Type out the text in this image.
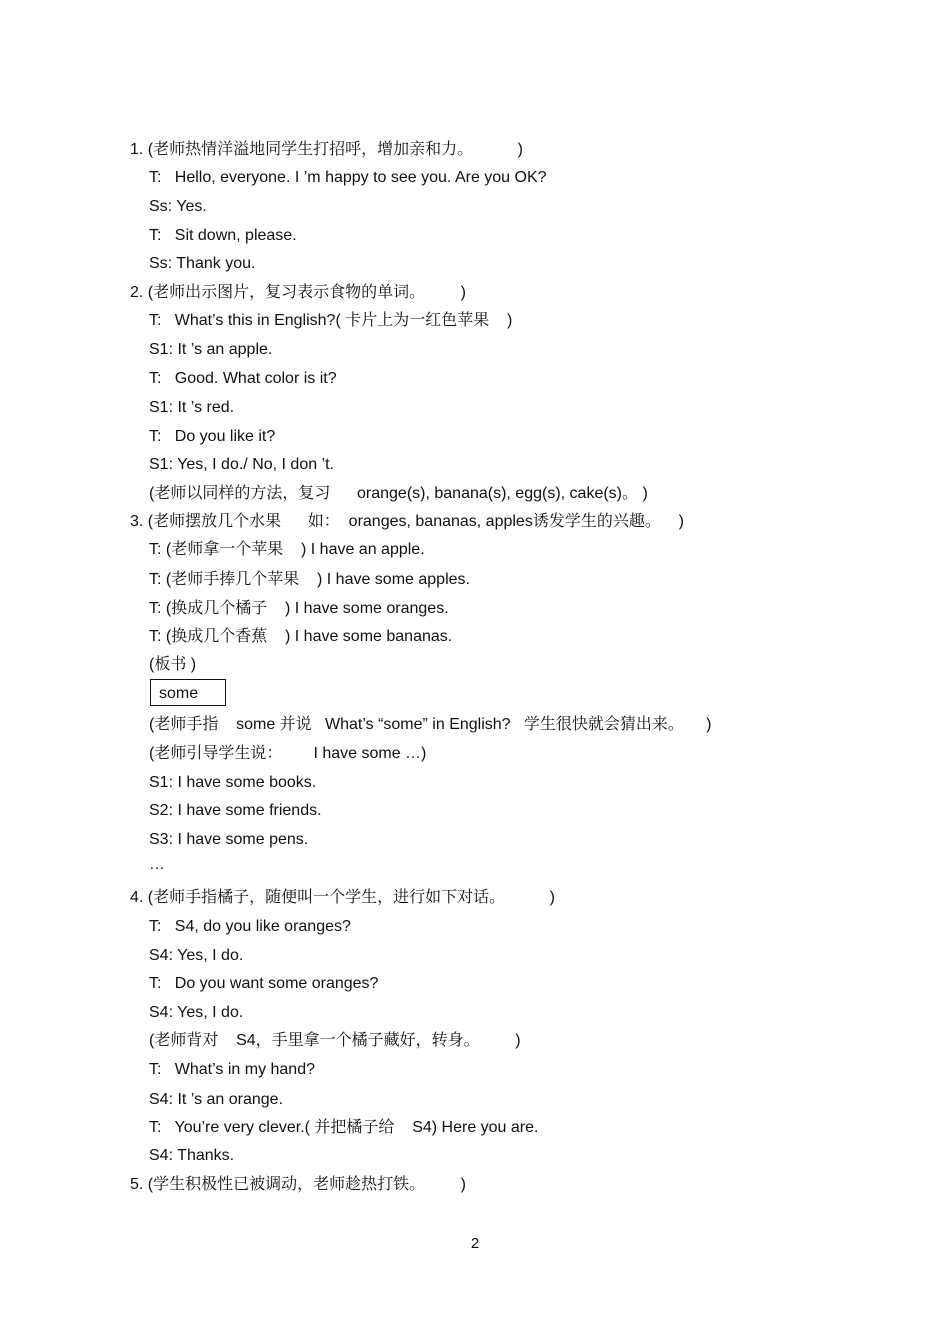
1. (老师热情洋溢地同学生打招呼，增加亲和力。          )
T:   Hello, everyone. I ’m happy to see you. Are you OK?
Ss: Yes.
T:   Sit down, please.
Ss: Thank you.
2. (老师出示图片，复习表示食物的单词。        )
T:   What’s this in English?( 卡片上为一红色苹果    )
S1: It ’s an apple.
T:   Good. What color is it?
S1: It ’s red.
T:   Do you like it?
S1: Yes, I do./ No, I don ’t.
(老师以同样的方法，复习      orange(s), banana(s), egg(s), cake(s)。 )
3. (老师摆放几个水果      如：  oranges, bananas, apples诱发学生的兴趣。    )
T: (老师拿一个苹果    ) I have an apple.
T: (老师手捧几个苹果    ) I have some apples.
T: (换成几个橘子    ) I have some oranges.
T: (换成几个香蕉    ) I have some bananas.
(板书 )
some
(老师手指    some 并说   What’s “some” in English?   学生很快就会猜出来。     )
(老师引导学生说：       I have some …)
S1: I have some books.
S2: I have some friends.
S3: I have some pens.
…
4. (老师手指橘子，随便叫一个学生，进行如下对话。          )
T:   S4, do you like oranges?
S4: Yes, I do.
T:   Do you want some oranges?
S4: Yes, I do.
(老师背对    S4，手里拿一个橘子藏好，转身。        )
T:   What’s in my hand?
S4: It ’s an orange.
T:   You’re very clever.( 并把橘子给    S4) Here you are.
S4: Thanks.
5. (学生积极性已被调动，老师趁热打铁。        )
2
